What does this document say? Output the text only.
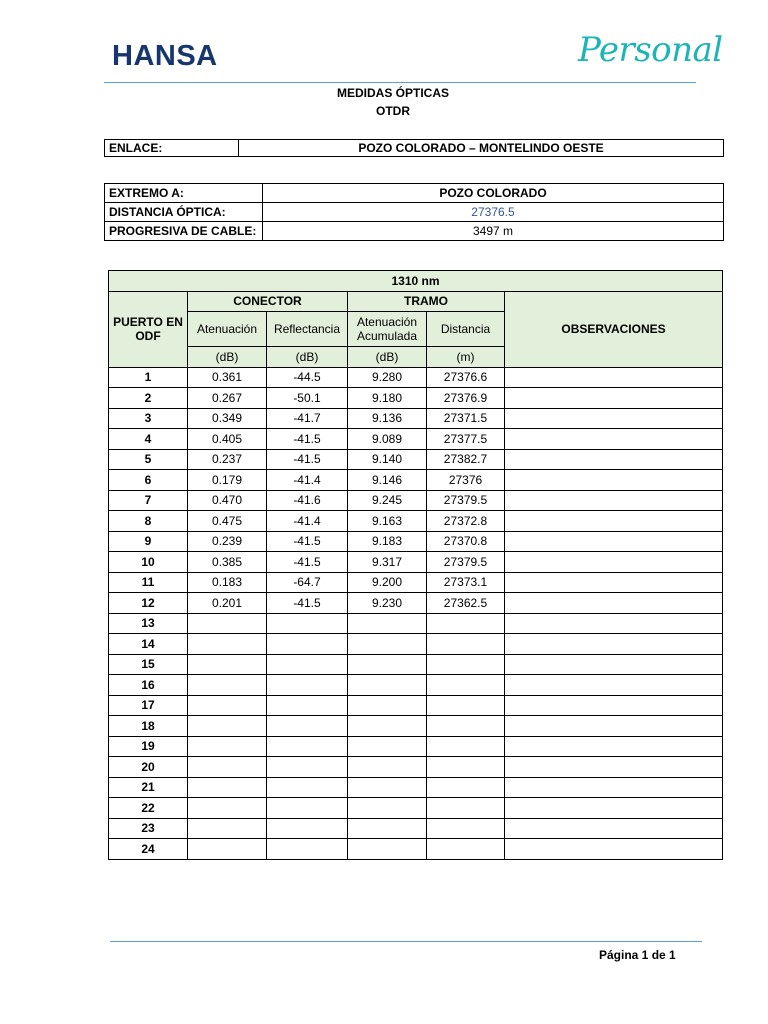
HANSA	Personal
MEDIDAS ÓPTICAS
OTDR
ENLACE:	POZO COLORADO – MONTELINDO OESTE
EXTREMO A:	POZO COLORADO
DISTANCIA ÓPTICA:	27376.5
PROGRESIVA DE CABLE:	3497 m
1310 nm					
PUERTO EN ODF	CONECTOR		TRAMO		OBSERVACIONES
	Atenuación	Reflectancia	Atenuación Acumulada	Distancia	
	(dB)	(dB)	(dB)	(m)	
1	0.361	-44.5	9.280	27376.6	
2	0.267	-50.1	9.180	27376.9	
3	0.349	-41.7	9.136	27371.5	
4	0.405	-41.5	9.089	27377.5	
5	0.237	-41.5	9.140	27382.7	
6	0.179	-41.4	9.146	27376	
7	0.470	-41.6	9.245	27379.5	
8	0.475	-41.4	9.163	27372.8	
9	0.239	-41.5	9.183	27370.8	
10	0.385	-41.5	9.317	27379.5	
11	0.183	-64.7	9.200	27373.1	
12	0.201	-41.5	9.230	27362.5	
13					
14					
15					
16					
17					
18					
19					
20					
21					
22					
23					
24					
Página 1 de 1
